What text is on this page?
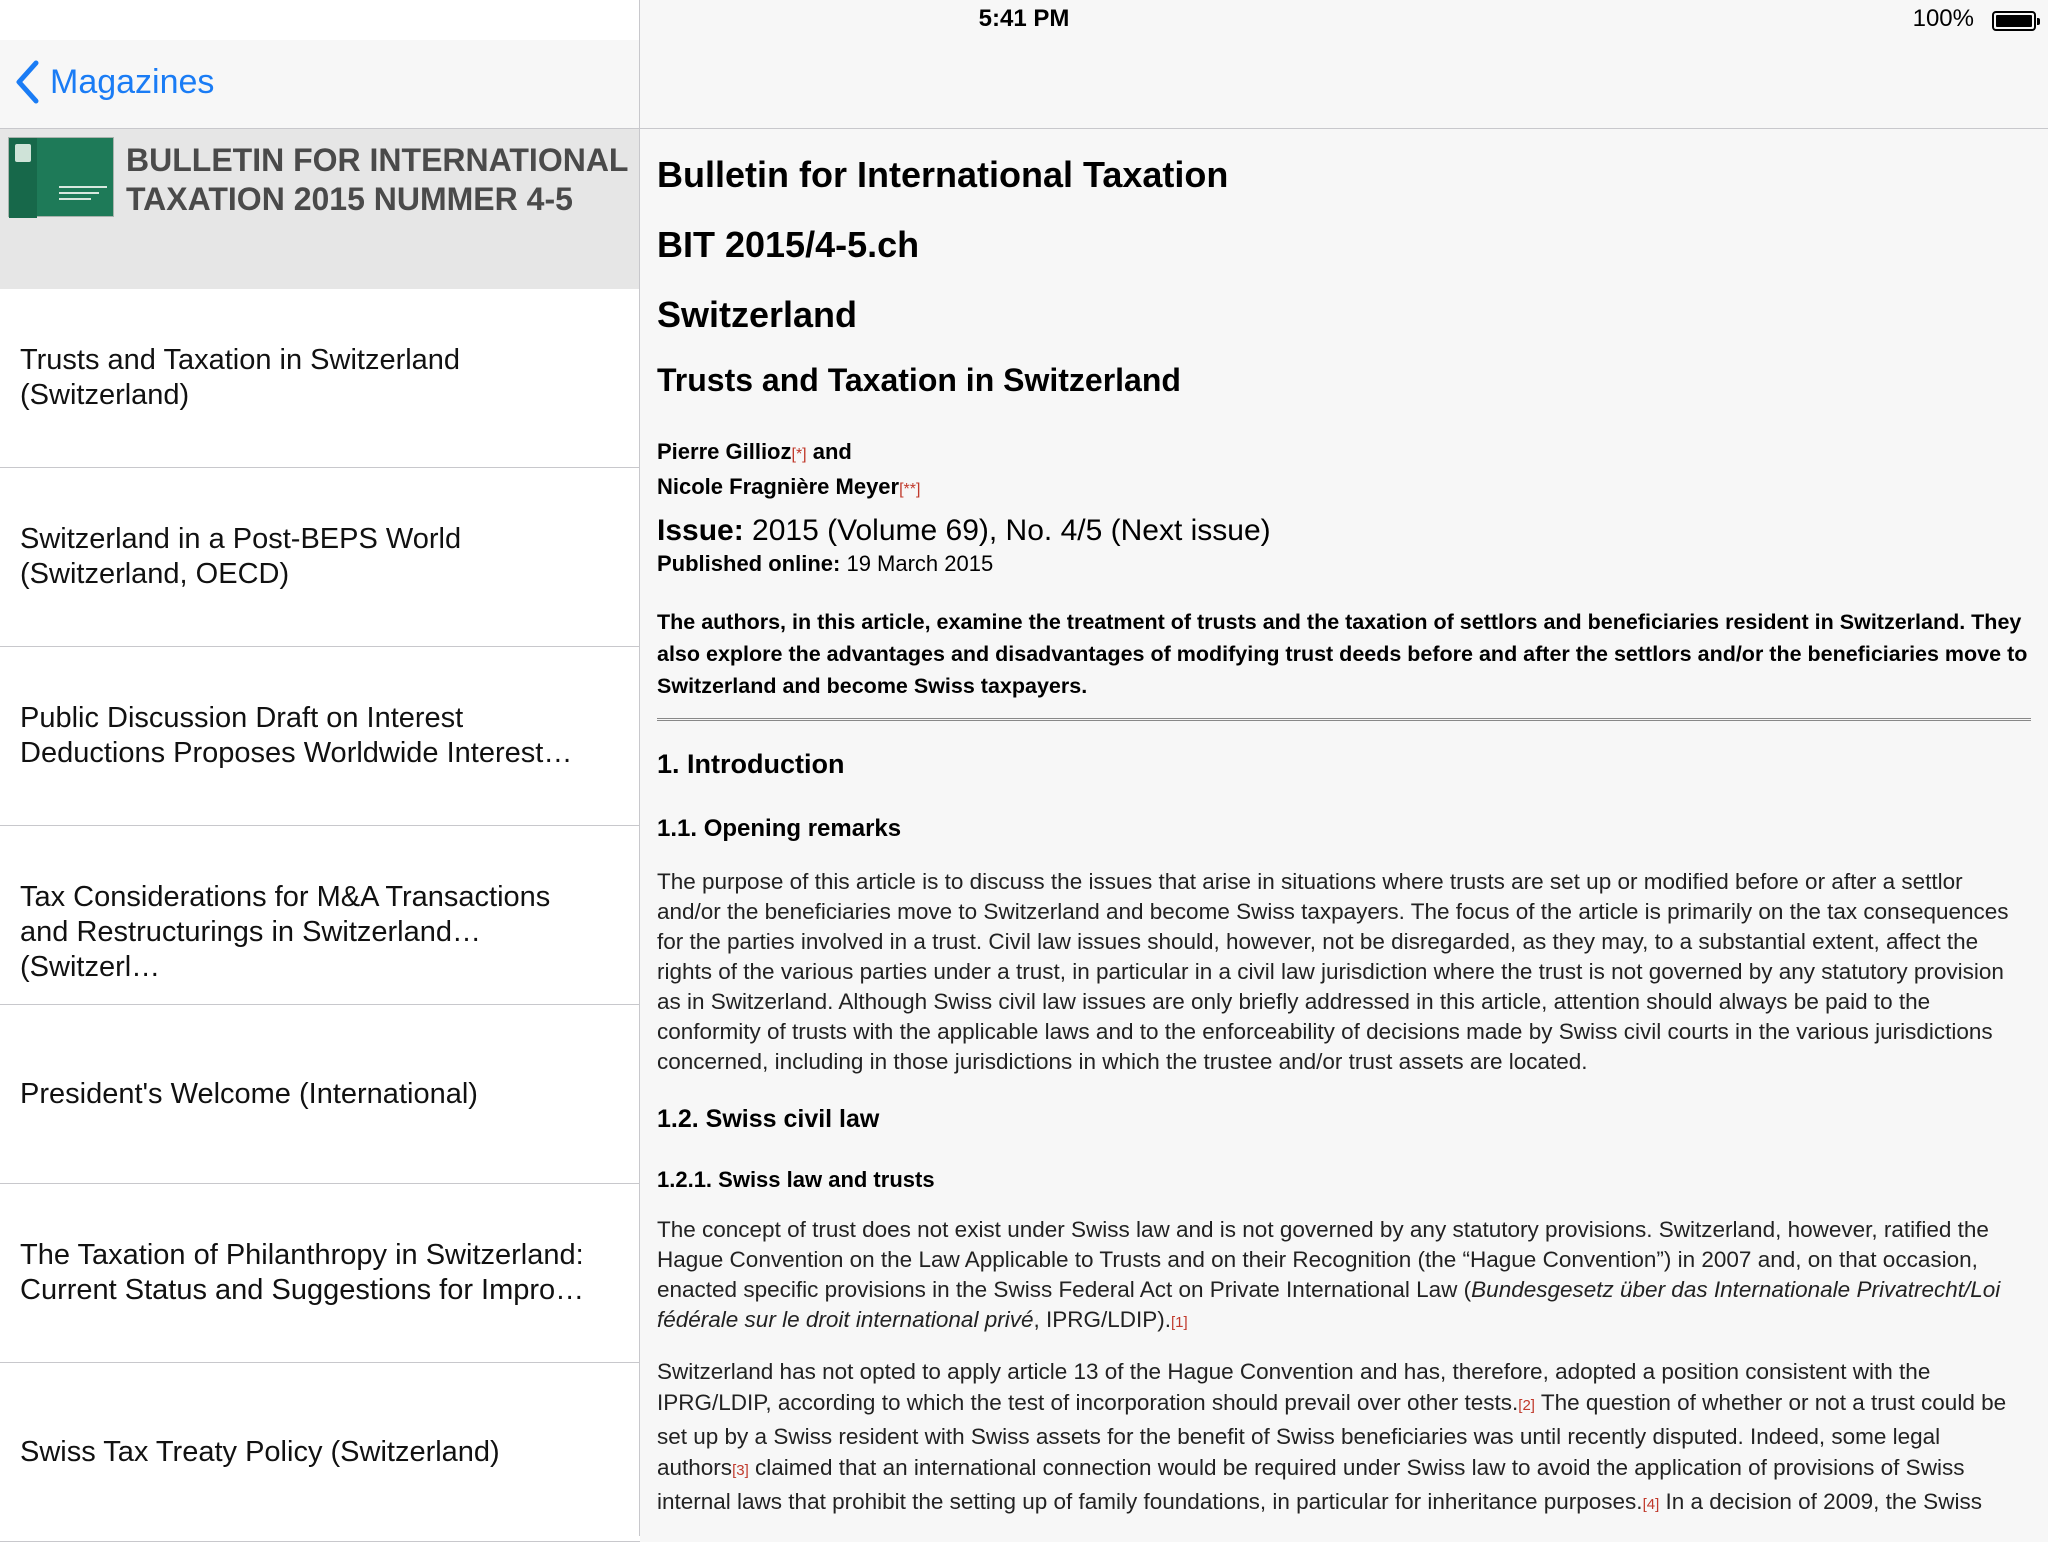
5:41 PM	100%
Magazines
BULLETIN FOR INTERNATIONAL TAXATION 2015 NUMMER 4-5
Trusts and Taxation in Switzerland (Switzerland)
Switzerland in a Post-BEPS World (Switzerland, OECD)
Public Discussion Draft on Interest Deductions Proposes Worldwide Interest…
Tax Considerations for M&A Transactions and Restructurings in Switzerland (Switzerl…
President's Welcome (International)
The Taxation of Philanthropy in Switzerland: Current Status and Suggestions for Impro…
Swiss Tax Treaty Policy (Switzerland)
Bulletin for International Taxation
BIT 2015/4-5.ch
Switzerland
Trusts and Taxation in Switzerland
Pierre Gillioz[*] and
Nicole Fragnière Meyer[**]
Issue: 2015 (Volume 69), No. 4/5 (Next issue)
Published online: 19 March 2015
The authors, in this article, examine the treatment of trusts and the taxation of settlors and beneficiaries resident in Switzerland. They also explore the advantages and disadvantages of modifying trust deeds before and after the settlors and/or the beneficiaries move to Switzerland and become Swiss taxpayers.
1. Introduction
1.1. Opening remarks
The purpose of this article is to discuss the issues that arise in situations where trusts are set up or modified before or after a settlor and/or the beneficiaries move to Switzerland and become Swiss taxpayers. The focus of the article is primarily on the tax consequences for the parties involved in a trust. Civil law issues should, however, not be disregarded, as they may, to a substantial extent, affect the rights of the various parties under a trust, in particular in a civil law jurisdiction where the trust is not governed by any statutory provision as in Switzerland. Although Swiss civil law issues are only briefly addressed in this article, attention should always be paid to the conformity of trusts with the applicable laws and to the enforceability of decisions made by Swiss civil courts in the various jurisdictions concerned, including in those jurisdictions in which the trustee and/or trust assets are located.
1.2. Swiss civil law
1.2.1. Swiss law and trusts
The concept of trust does not exist under Swiss law and is not governed by any statutory provisions. Switzerland, however, ratified the Hague Convention on the Law Applicable to Trusts and on their Recognition (the “Hague Convention”) in 2007 and, on that occasion, enacted specific provisions in the Swiss Federal Act on Private International Law (Bundesgesetz über das Internationale Privatrecht/Loi fédérale sur le droit international privé, IPRG/LDIP).[1]
Switzerland has not opted to apply article 13 of the Hague Convention and has, therefore, adopted a position consistent with the IPRG/LDIP, according to which the test of incorporation should prevail over other tests.[2] The question of whether or not a trust could be set up by a Swiss resident with Swiss assets for the benefit of Swiss beneficiaries was until recently disputed. Indeed, some legal authors[3] claimed that an international connection would be required under Swiss law to avoid the application of provisions of Swiss internal laws that prohibit the setting up of family foundations, in particular for inheritance purposes.[4] In a decision of 2009, the Swiss
